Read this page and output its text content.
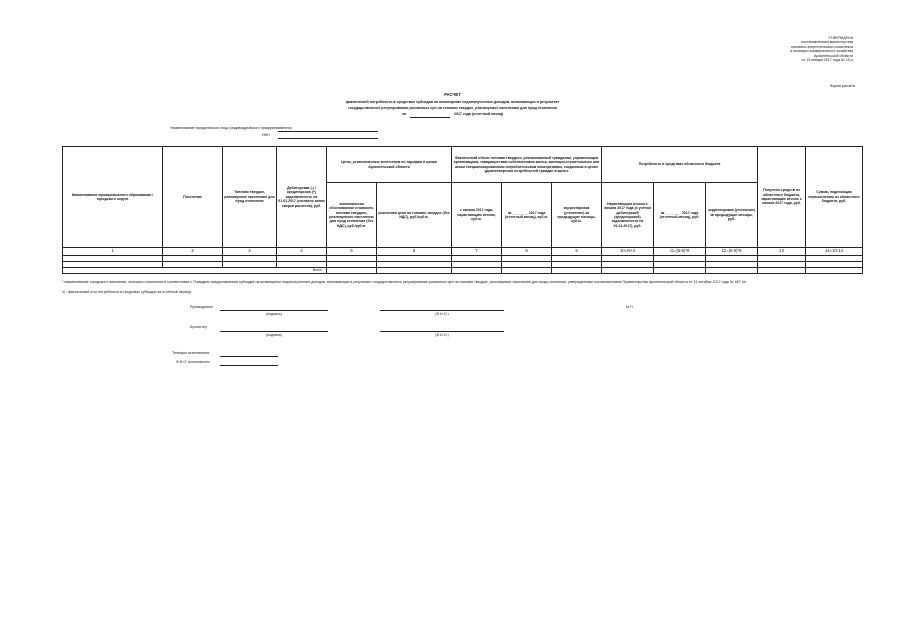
УТВЕРЖДЕНА
постановлением министерства
топливно-энергетического комплекса
и жилищно-коммунального хозяйства
Архангельской области
от 13 января 2017 года № 15-п
Форма расчета
РАСЧЕТ
фактической потребности в средствах субсидии на возмещение недополученных доходов, возникающих в результате
государственного регулирования розничных цен на топливо твердое, реализуемое населению для нужд отопления
за	2017 года (отчетный месяц)
Наименование юридического лица (индивидуального предпринимателя)
ИНН
Наименование муниципального образования / городского округа	Поселение	Топливо твердое, реализуемое населению для нужд отопления	Дебиторская (-) / кредиторская (+) задолженность на 01.01.2017 (согласно актам сверки расчетов), руб.	Цены, установленные агентством по тарифам и ценам Архангельской области		Фактический объем топлива твердого, реализованный гражданам, управляющим организациям, товариществам собственников жилья, жилищно-строительным или иным специализированным потребительским кооперативам, созданным в целях удовлетворения потребностей граждан в жилье			Потребность в средствах областного бюджета			Получено средств из областного бюджета, нарастающим итогом с начала 2017 года, руб.	Сумма, подлежащая перечислению из областного бюджета, руб.
				экономически обоснованная стоимость топлива твердого, реализуемого населению для нужд отопления (без НДС), руб./куб.м.	розничная цена на топливо твердое (без НДС), руб./куб.м.	с начала 2017 года, нарастающим итогом, куб.м.	за ________ 2017 года (отчетный месяц), куб.м.	корректировка (уточнение) за предыдущие месяцы, куб.м.	Нарастающим итогом с начала 2017 года (с учетом дебиторской (кредиторской) задолженности на 01.01.2017), руб.	за ________ 2017 года (отчетный месяц), руб.	корректировка (уточнение) за предыдущие месяцы, руб.		
1	2	3	4	5	6	7	8	9	10=N×3	11=(5-6)*8	12=(5-6)*9	13	14=10-13

Всего													
* наименование городского поселения, сельского поселения в соответствии с Порядком предоставления субсидий на возмещение недополученных доходов, возникающих в результате государственного регулирования розничных цен на топливо твердое, реализуемое населению для нужд отопления, утвержденным постановлением Правительства Архангельской области от 31 октября 2017 года № 487-пп
N - фактический итог потребности в средствах субсидии за отчетный период
Руководитель
(подпись)	(Ф.И.О.)
М.П.
Бухгалтер
(подпись)	(Ф.И.О.)
Телефон исполнителя
Ф.И.О. исполнителя
